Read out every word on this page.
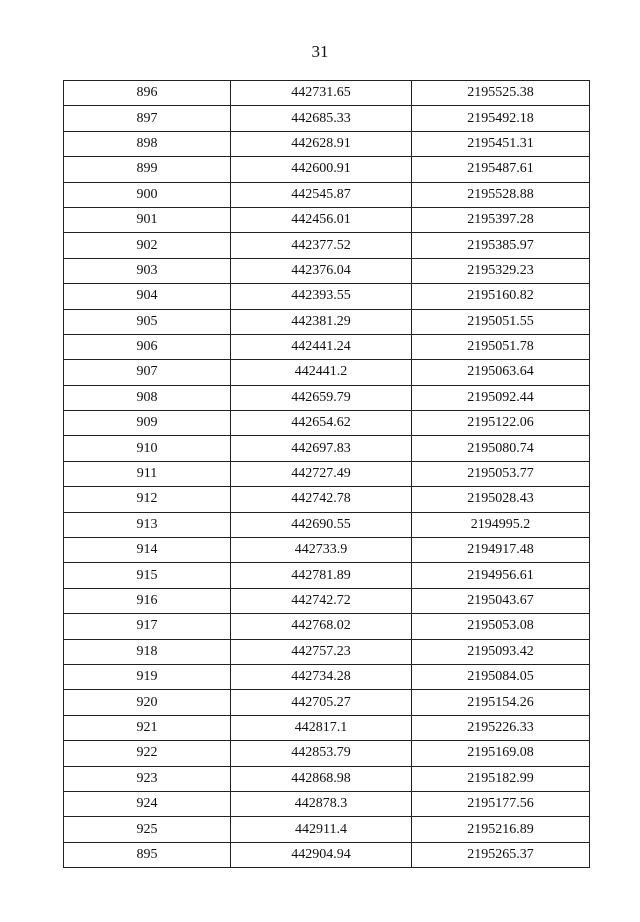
31
896	442731.65	2195525.38
897	442685.33	2195492.18
898	442628.91	2195451.31
899	442600.91	2195487.61
900	442545.87	2195528.88
901	442456.01	2195397.28
902	442377.52	2195385.97
903	442376.04	2195329.23
904	442393.55	2195160.82
905	442381.29	2195051.55
906	442441.24	2195051.78
907	442441.2	2195063.64
908	442659.79	2195092.44
909	442654.62	2195122.06
910	442697.83	2195080.74
911	442727.49	2195053.77
912	442742.78	2195028.43
913	442690.55	2194995.2
914	442733.9	2194917.48
915	442781.89	2194956.61
916	442742.72	2195043.67
917	442768.02	2195053.08
918	442757.23	2195093.42
919	442734.28	2195084.05
920	442705.27	2195154.26
921	442817.1	2195226.33
922	442853.79	2195169.08
923	442868.98	2195182.99
924	442878.3	2195177.56
925	442911.4	2195216.89
895	442904.94	2195265.37
